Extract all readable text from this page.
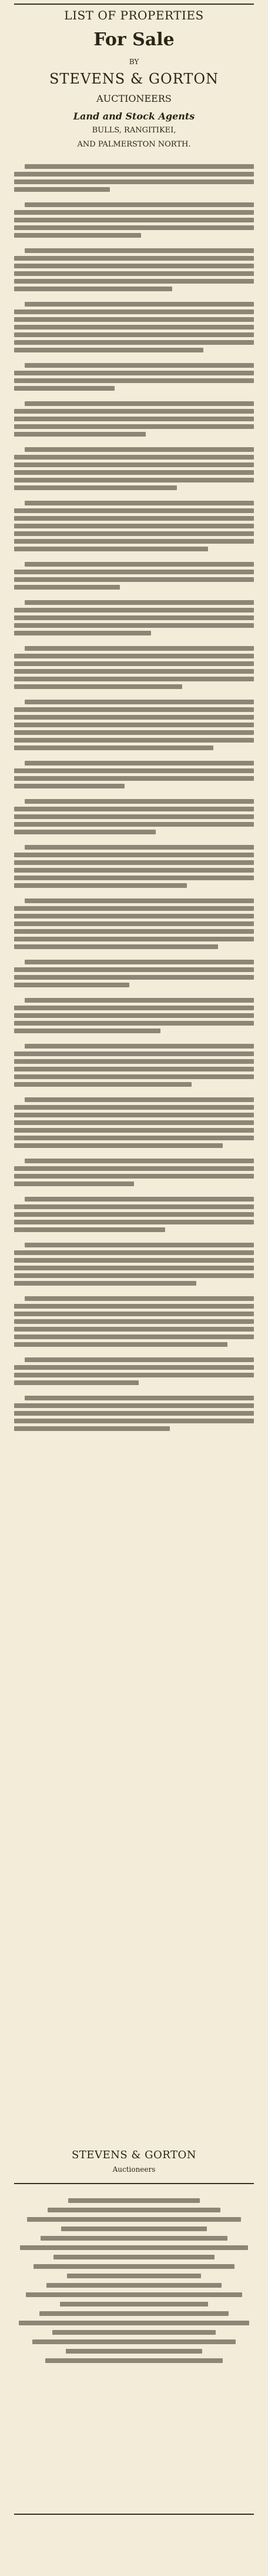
LIST OF PROPERTIES
For Sale
BY
STEVENS & GORTON
AUCTIONEERS
Land and Stock Agents
BULLS, RANGITIKEI,
AND PALMERSTON NORTH.
STEVENS & GORTON
Auctioneers
